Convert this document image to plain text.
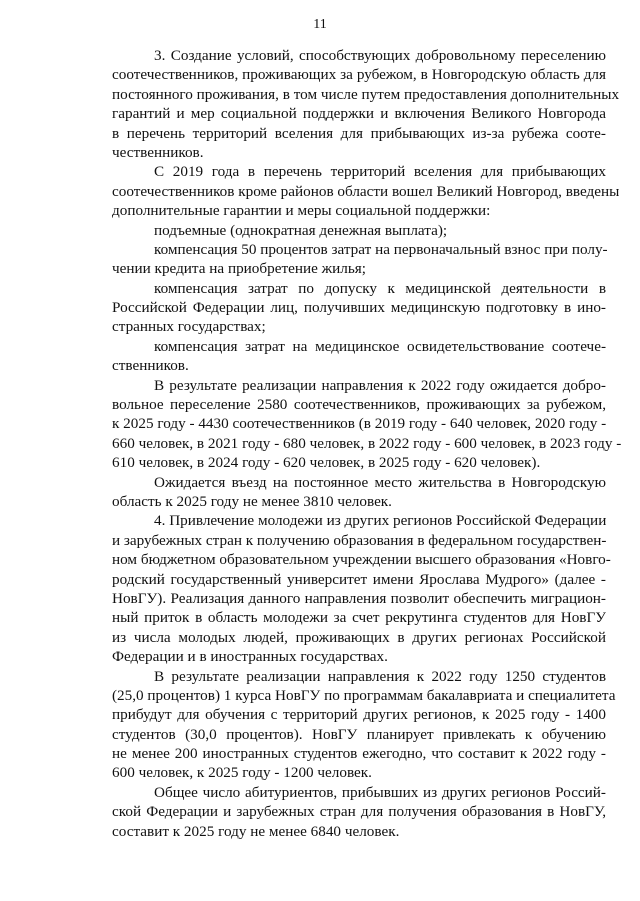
11
3. Создание условий, способствующих добровольному переселению
соотечественников, проживающих за рубежом, в Новгородскую область для
постоянного проживания, в том числе путем предоставления дополнительных
гарантий и мер социальной поддержки и включения Великого Новгорода
в перечень территорий вселения для прибывающих из-за рубежа сооте-
чественников.
С 2019 года в перечень территорий вселения для прибывающих
соотечественников кроме районов области вошел Великий Новгород, введены
дополнительные гарантии и меры социальной поддержки:
подъемные (однократная денежная выплата);
компенсация 50 процентов затрат на первоначальный взнос при полу-
чении кредита на приобретение жилья;
компенсация затрат по допуску к медицинской деятельности в
Российской Федерации лиц, получивших медицинскую подготовку в ино-
странных государствах;
компенсация затрат на медицинское освидетельствование соотече-
ственников.
В результате реализации направления к 2022 году ожидается добро-
вольное переселение 2580 соотечественников, проживающих за рубежом,
к 2025 году - 4430 соотечественников (в 2019 году - 640 человек, 2020 году -
660 человек, в 2021 году - 680 человек, в 2022 году - 600 человек, в 2023 году -
610 человек, в 2024 году - 620 человек, в 2025 году - 620 человек).
Ожидается въезд на постоянное место жительства в Новгородскую
область к 2025 году не менее 3810 человек.
4. Привлечение молодежи из других регионов Российской Федерации
и зарубежных стран к получению образования в федеральном государствен-
ном бюджетном образовательном учреждении высшего образования «Новго-
родский государственный университет имени Ярослава Мудрого» (далее -
НовГУ). Реализация данного направления позволит обеспечить миграцион-
ный приток в область молодежи за счет рекрутинга студентов для НовГУ
из числа молодых людей, проживающих в других регионах Российской
Федерации и в иностранных государствах.
В результате реализации направления к 2022 году 1250 студентов
(25,0 процентов) 1 курса НовГУ по программам бакалавриата и специалитета
прибудут для обучения с территорий других регионов, к 2025 году - 1400
студентов (30,0 процентов). НовГУ планирует привлекать к обучению
не менее 200 иностранных студентов ежегодно, что составит к 2022 году -
600 человек, к 2025 году - 1200 человек.
Общее число абитуриентов, прибывших из других регионов Россий-
ской Федерации и зарубежных стран для получения образования в НовГУ,
составит к 2025 году не менее 6840 человек.
